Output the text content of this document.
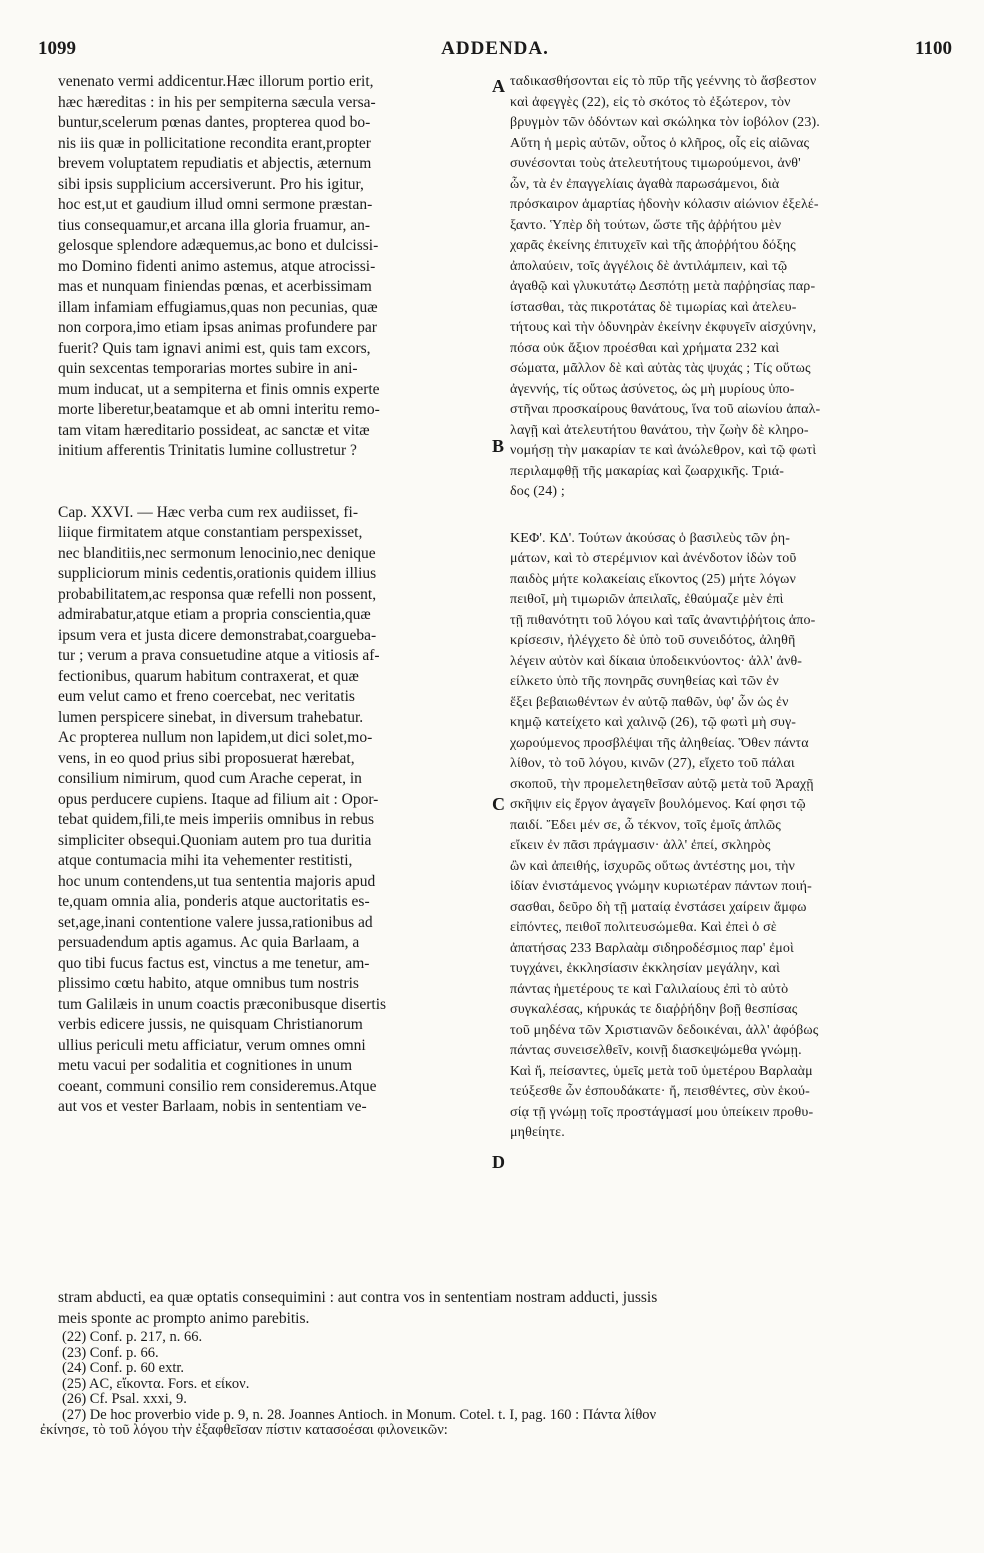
1099	ADDENDA.	1100
venenato vermi addicentur.Hæc illorum portio erit,
hæc hæreditas : in his per sempiterna sæcula versa-
buntur,scelerum pœnas dantes, propterea quod bo-
nis iis quæ in pollicitatione recondita erant,propter
brevem voluptatem repudiatis et abjectis, æternum
sibi ipsis supplicium accersiverunt. Pro his igitur,
hoc est,ut et gaudium illud omni sermone præstan-
tius consequamur,et arcana illa gloria fruamur, an-
gelosque splendore adæquemus,ac bono et dulcissi-
mo Domino fidenti animo astemus, atque atrocissi-
mas et nunquam finiendas pœnas, et acerbissimam
illam infamiam effugiamus,quas non pecunias, quæ
non corpora,imo etiam ipsas animas profundere par
fuerit? Quis tam ignavi animi est, quis tam excors,
quin sexcentas temporarias mortes subire in ani-
mum inducat, ut a sempiterna et finis omnis experte
morte liberetur,beatamque et ab omni interitu remo-
tam vitam hæreditario possideat, ac sanctæ et vitæ
initium afferentis Trinitatis lumine collustretur ?
Cap. XXVI. — Hæc verba cum rex audiisset, fi-
liique firmitatem atque constantiam perspexisset,
nec blanditiis,nec sermonum lenocinio,nec denique
suppliciorum minis cedentis,orationis quidem illius
probabilitatem,ac responsa quæ refelli non possent,
admirabatur,atque etiam a propria conscientia,quæ
ipsum vera et justa dicere demonstrabat,coarguеba-
tur ; verum a prava consuetudine atque a vitiosis af-
fectionibus, quarum habitum contraxerat, et quæ
eum velut camo et freno coercebat, nec veritatis
lumen perspicere sinebat, in diversum trahebatur.
Ac propterea nullum non lapidem,ut dici solet,mo-
vens, in eo quod prius sibi proposuerat hærebat,
consilium nimirum, quod cum Arache ceperat, in
opus perducere cupiens. Itaque ad filium ait : Opor-
tebat quidem,fili,te meis imperiis omnibus in rebus
simpliciter obsequi.Quoniam autem pro tua duritia
atque contumacia mihi ita vehementer restitisti,
hoc unum contendens,ut tua sententia majoris apud
te,quam omnia alia, ponderis atque auctoritatis es-
set,age,inani contentione valere jussa,rationibus ad
persuadendum aptis agamus. Ac quia Barlaam, a
quo tibi fucus factus est, vinctus a me tenetur, am-
plissimo cœtu habito, atque omnibus tum nostris
tum Galilæis in unum coactis præconibusque disertis
verbis edicere jussis, ne quisquam Christianorum
ullius periculi metu afficiatur, verum omnes omni
metu vacui per sodalitia et cognitiones in unum
coeant, communi consilio rem consideremus.Atque
aut vos et vester Barlaam, nobis in sententiam ve-
ταδικασθήσονται εἰς τὸ πῦρ τῆς γεέννης τὸ ἄσβεστον
καὶ ἀφεγγὲς (22), εἰς τὸ σκότος τὸ ἐξώτερον, τὸν
βρυγμὸν τῶν ὀδόντων καὶ σκώληκα τὸν ἰοβόλον (23).
Αὕτη ἡ μερὶς αὐτῶν, οὗτος ὁ κλῆρος, οἷς εἰς αἰῶνας
συνέσονται τοὺς ἀτελευτήτους τιμωρούμενοι, ἀνθ'
ὧν, τὰ ἐν ἐπαγγελίαις ἀγαθὰ παρωσάμενοι, διὰ
πρόσκαιρον ἁμαρτίας ἡδονὴν κόλασιν αἰώνιον ἐξελέ-
ξαντο. Ὑπὲρ δὴ τούτων, ὥστε τῆς ἀῤῥήτου μὲν
χαρᾶς ἐκείνης ἐπιτυχεῖν καὶ τῆς ἀποῤῥήτου δόξης
ἀπολαύειν, τοῖς ἀγγέλοις δὲ ἀντιλάμπειν, καὶ τῷ
ἀγαθῷ καὶ γλυκυτάτῳ Δεσπότῃ μετὰ παῤῥησίας παρ-
ίστασθαι, τὰς πικροτάτας δὲ τιμωρίας καὶ ἀτελευ-
τήτους καὶ τὴν ὀδυνηρὰν ἐκείνην ἐκφυγεῖν αἰσχύνην,
πόσα οὐκ ἄξιον προέσθαι καὶ χρήματα 232 καὶ
σώματα, μᾶλλον δὲ καὶ αὐτὰς τὰς ψυχάς ; Τίς οὕτως
ἀγεννής, τίς οὕτως ἀσύνετος, ὡς μὴ μυρίους ὑπο-
στῆναι προσκαίρους θανάτους, ἵνα τοῦ αἰωνίου ἀπαλ-
λαγῇ καὶ ἀτελευτήτου θανάτου, τὴν ζωὴν δὲ κληρο-
νομήσῃ τὴν μακαρίαν τε καὶ ἀνώλεθρον, καὶ τῷ φωτὶ
περιλαμφθῇ τῆς μακαρίας καὶ ζωαρχικῆς. Τριά-
δος (24) ;
ΚΕΦ'. ΚΔ'. Τούτων ἀκούσας ὁ βασιλεὺς τῶν ῥη-
μάτων, καὶ τὸ στερέμνιον καὶ ἀνένδοτον ἰδὼν τοῦ
παιδὸς μήτε κολακείαις εἴκοντος (25) μήτε λόγων
πειθοῖ, μὴ τιμωριῶν ἀπειλαῖς, ἐθαύμαζε μὲν ἐπὶ
τῇ πιθανότητι τοῦ λόγου καὶ ταῖς ἀναντιῤῥήτοις ἀπο-
κρίσεσιν, ἠλέγχετο δὲ ὑπὸ τοῦ συνειδότος, ἀληθῆ
λέγειν αὐτὸν καὶ δίκαια ὑποδεικνύοντος· ἀλλ' ἀνθ-
είλκετο ὑπὸ τῆς πονηρᾶς συνηθείας καὶ τῶν ἐν
ἕξει βεβαιωθέντων ἐν αὐτῷ παθῶν, ὑφ' ὧν ὡς ἐν
κημῷ κατείχετο καὶ χαλινῷ (26), τῷ φωτὶ μὴ συγ-
χωρούμενος προσβλέψαι τῆς ἀληθείας. Ὅθεν πάντα
λίθον, τὸ τοῦ λόγου, κινῶν (27), εἴχετο τοῦ πάλαι
σκοποῦ, τὴν προμελετηθεῖσαν αὐτῷ μετὰ τοῦ Ἀραχῇ
σκῆψιν εἰς ἔργον ἀγαγεῖν βουλόμενος. Καί φησι τῷ
παιδί. Ἔδει μέν σε, ὦ τέκνον, τοῖς ἐμοῖς ἁπλῶς
εἴκειν ἐν πᾶσι πράγμασιν· ἀλλ' ἐπεί, σκληρὸς
ὢν καὶ ἀπειθής, ἰσχυρῶς οὕτως ἀντέστης μοι, τὴν
ἰδίαν ἐνιστάμενος γνώμην κυριωτέραν πάντων ποιή-
σασθαι, δεῦρο δὴ τῇ ματαίᾳ ἐνστάσει χαίρειν ἄμφω
εἰπόντες, πειθοῖ πολιτευσώμεθα. Καὶ ἐπεὶ ὁ σὲ
ἀπατήσας 233 Βαρλαὰμ σιδηροδέσμιος παρ' ἐμοὶ
τυγχάνει, ἐκκλησίασιν ἐκκλησίαν μεγάλην, καὶ
πάντας ἡμετέρους τε καὶ Γαλιλαίους ἐπὶ τὸ αὐτὸ
συγκαλέσας, κήρυκάς τε διαῤῥήδην βοῇ θεσπίσας
τοῦ μηδένα τῶν Χριστιανῶν δεδοικέναι, ἀλλ' ἀφόβως
πάντας συνεισελθεῖν, κοινῇ διασκεψώμεθα γνώμῃ.
Καὶ ἤ, πείσαντες, ὑμεῖς μετὰ τοῦ ὑμετέρου Βαρλαὰμ
τεύξεσθε ὧν ἐσπουδάκατε· ἤ, πεισθέντες, σὺν ἑκού-
σίᾳ τῇ γνώμῃ τοῖς προστάγμασί μου ὑπείκειν προθυ-
μηθείητε.
A
B
C
D
stram abducti, ea quæ optatis consequimini : aut contra vos in sententiam nostram adducti, jussis
meis sponte ac prompto animo parebitis.
(22) Conf. p. 217, n. 66.
(23) Conf. p. 66.
(24) Conf. p. 60 extr.
(25) AC, εἴκοντα. Fors. et εἶκον.
(26) Cf. Psal. xxxi, 9.
(27) De hoc proverbio vide p. 9, n. 28. Joannes Antioch. in Monum. Cotel. t. I, pag. 160 : Πάντα λίθον
ἐκίνησε, τὸ τοῦ λόγου τὴν ἐξαφθεῖσαν πίστιν κατασοέσαι φιλονεικῶν:
